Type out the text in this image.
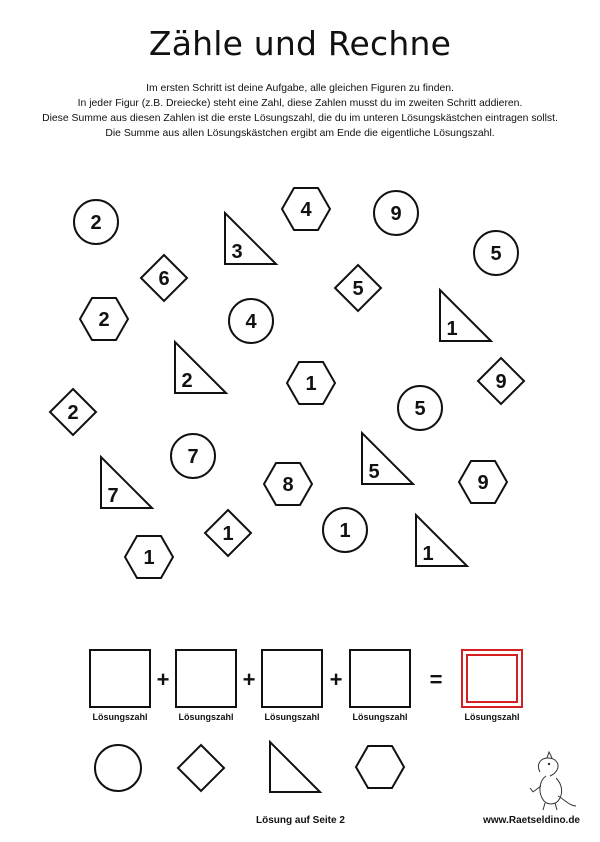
Zähle und Rechne
Im ersten Schritt ist deine Aufgabe, alle gleichen Figuren zu finden.
In jeder Figur (z.B. Dreiecke) steht eine Zahl, diese Zahlen musst du im zweiten Schritt addieren.
Diese Summe aus diesen Zahlen ist die erste Lösungszahl, die du im unteren Lösungskästchen eintragen sollst.
Die Summe aus allen Lösungskästchen ergibt am Ende die eigentliche Lösungszahl.
2	9
5
4
5
7
1
3
1
2
5
7
1
6	5
9
2
1
4
2
1
8	9
1
+	+	+	=
Lösungszahl	Lösungszahl	Lösungszahl	Lösungszahl	Lösungszahl
Lösung auf Seite 2	www.Raetseldino.de
